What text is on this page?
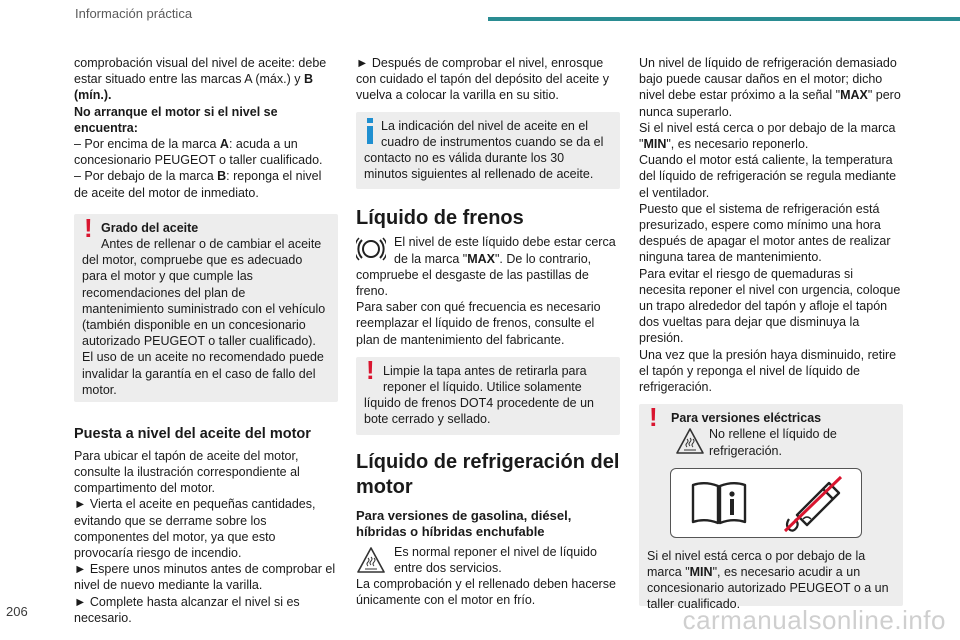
Información práctica

comprobación visual del nivel de aceite: debe estar situado entre las marcas A (máx.) y B (mín.).
No arranque el motor si el nivel se encuentra:
– Por encima de la marca A: acuda a un concesionario PEUGEOT o taller cualificado.
– Por debajo de la marca B: reponga el nivel de aceite del motor de inmediato.

! Grado del aceite
Antes de rellenar o de cambiar el aceite
del motor, compruebe que es adecuado para el motor y que cumple las recomendaciones del plan de mantenimiento suministrado con el vehículo (también disponible en un concesionario autorizado PEUGEOT o taller cualificado).
El uso de un aceite no recomendado puede invalidar la garantía en el caso de fallo del motor.
Puesta a nivel del aceite del motor

Para ubicar el tapón de aceite del motor, consulte la ilustración correspondiente al compartimento del motor.

► Vierta el aceite en pequeñas cantidades, evitando que se derrame sobre los componentes del motor, ya que esto provocaría riesgo de incendio.

► Espere unos minutos antes de comprobar el nivel de nuevo mediante la varilla.

► Complete hasta alcanzar el nivel si es necesario.

► Después de comprobar el nivel, enrosque con cuidado el tapón del depósito del aceite y vuelva a colocar la varilla en su sitio.

La indicación del nivel de aceite en el
cuadro de instrumentos cuando se da el
contacto no es válida durante los 30 minutos siguientes al rellenado de aceite.
Líquido de frenos
El nivel de este líquido debe estar cerca
de la marca "MAX". De lo contrario,
compruebe el desgaste de las pastillas de freno.

Para saber con qué frecuencia es necesario reemplazar el líquido de frenos, consulte el plan de mantenimiento del fabricante.

! Limpie la tapa antes de retirarla para
reponer el líquido. Utilice solamente
líquido de frenos DOT4 procedente de un bote cerrado y sellado.
Líquido de refrigeración del motor
Para versiones de gasolina, diésel, híbridas o híbridas enchufable
Es normal reponer el nivel de líquido
entre dos servicios.
La comprobación y el rellenado deben hacerse únicamente con el motor en frío.

Un nivel de líquido de refrigeración demasiado bajo puede causar daños en el motor; dicho nivel debe estar próximo a la señal "MAX" pero nunca superarlo.

Si el nivel está cerca o por debajo de la marca "MIN", es necesario reponerlo.

Cuando el motor está caliente, la temperatura del líquido de refrigeración se regula mediante el ventilador.

Puesto que el sistema de refrigeración está presurizado, espere como mínimo una hora después de apagar el motor antes de realizar ninguna tarea de mantenimiento.

Para evitar el riesgo de quemaduras si necesita reponer el nivel con urgencia, coloque un trapo alrededor del tapón y afloje el tapón dos vueltas para dejar que disminuya la presión.

Una vez que la presión haya disminuido, retire el tapón y reponga el nivel de líquido de refrigeración.

!	Para versiones eléctricas
No rellene el líquido de
refrigeración.

Si el nivel está cerca o por debajo de la marca "MIN", es necesario acudir a un concesionario autorizado PEUGEOT o a un taller cualificado.

206	carmanualsonline.info
